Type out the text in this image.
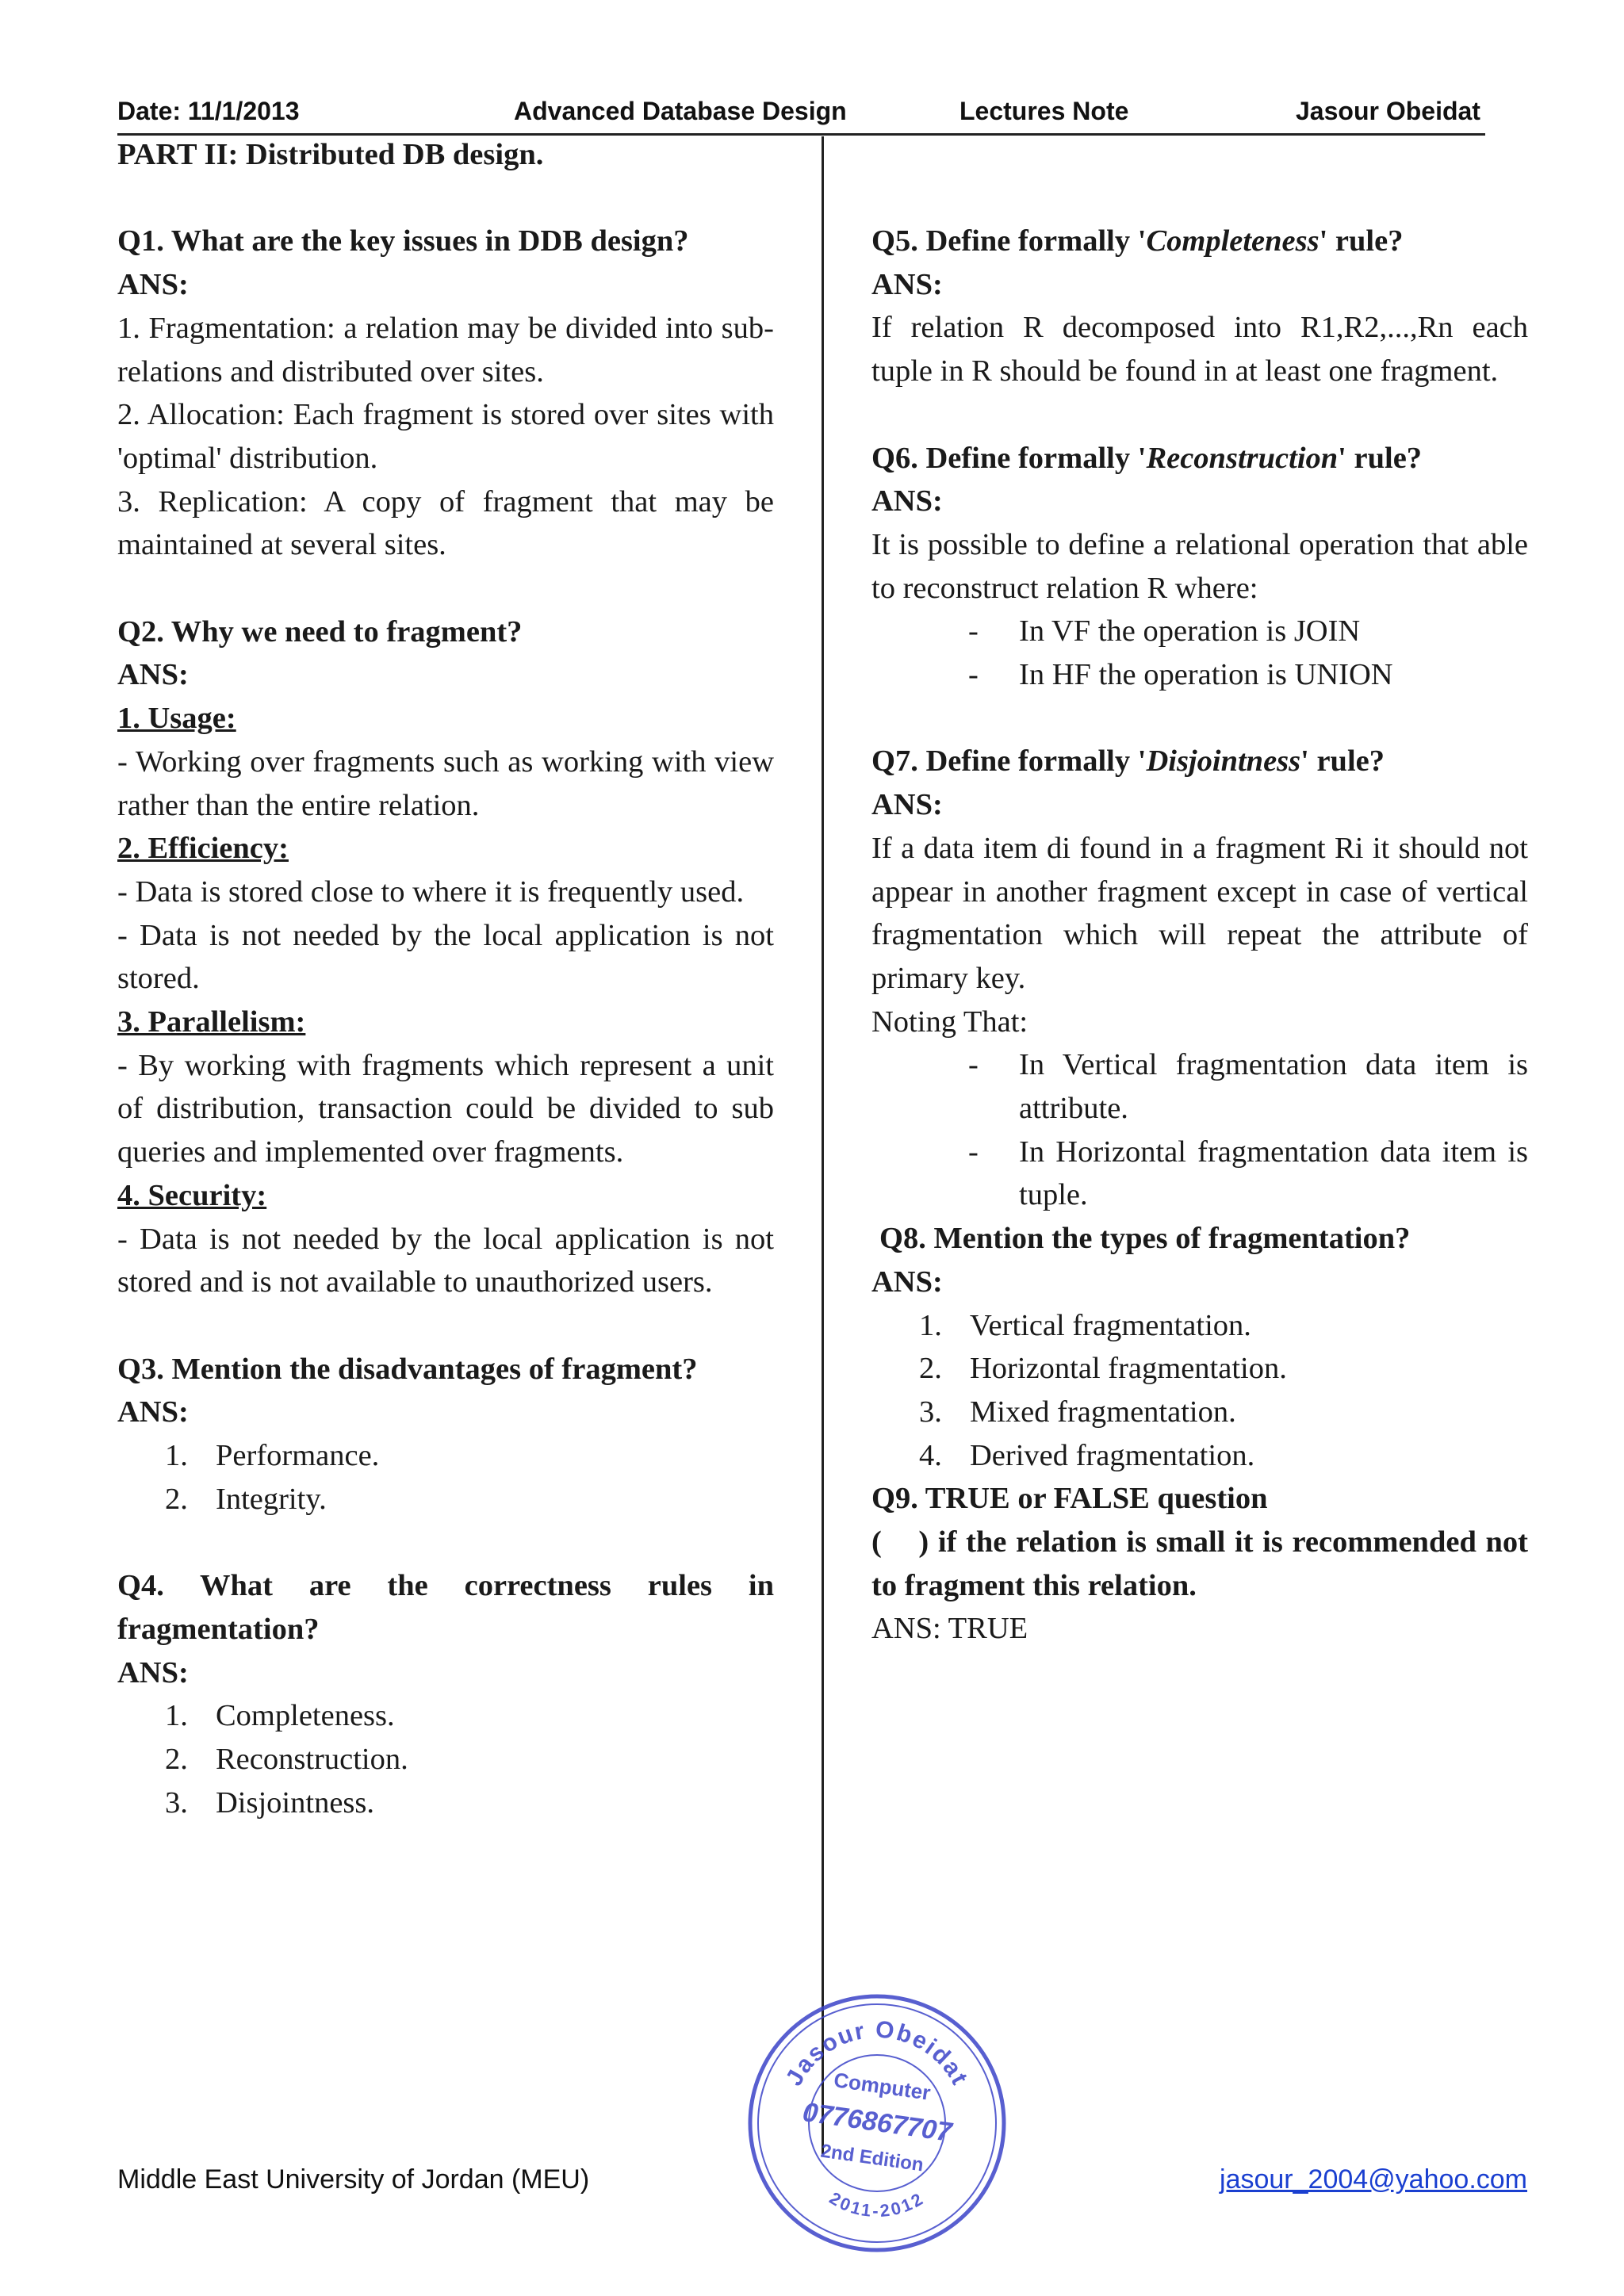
Date: 11/1/2013	Advanced Database Design	Lectures Note	Jasour Obeidat

PART II: Distributed DB design.

Q1. What are the key issues in DDB design?

ANS:

1. Fragmentation: a relation may be divided into sub-relations and distributed over sites.

2. Allocation: Each fragment is stored over sites with 'optimal' distribution.

3. Replication: A copy of fragment that may be maintained at several sites.

Q2. Why we need to fragment?

ANS:

1. Usage:

- Working over fragments such as working with view rather than the entire relation.

2. Efficiency:

- Data is stored close to where it is frequently used.

- Data is not needed by the local application is not stored.

3. Parallelism:

- By working with fragments which represent a unit of distribution, transaction could be divided to sub queries and implemented over fragments.

4. Security:

- Data is not needed by the local application is not stored and is not available to unauthorized users.

Q3. Mention the disadvantages of fragment?

ANS:

1. Performance.
2. Integrity.

Q4. What are the correctness rules in fragmentation?

ANS:

1. Completeness.
2. Reconstruction.
3. Disjointness.

Q5. Define formally 'Completeness' rule?

ANS:

If relation R decomposed into R1,R2,...,Rn each tuple in R should be found in at least one fragment.

Q6. Define formally 'Reconstruction' rule?

ANS:

It is possible to define a relational operation that able to reconstruct relation R where:

- In VF the operation is JOIN
- In HF the operation is UNION

Q7. Define formally 'Disjointness' rule?

ANS:

If a data item di found in a fragment Ri it should not appear in another fragment except in case of vertical fragmentation which will repeat the attribute of primary key.

Noting That:

- In Vertical fragmentation data item is attribute.
- In Horizontal fragmentation data item is tuple.

Q8. Mention the types of fragmentation?

ANS:

1. Vertical fragmentation.
2. Horizontal fragmentation.
3. Mixed fragmentation.
4. Derived fragmentation.

Q9. TRUE or FALSE question

(    ) if the relation is small it is recommended not to fragment this relation.

ANS: TRUE

Jasour Obeidat
2011-2012
Computer
0776867707
2nd Edition
Middle East University of Jordan (MEU)	jasour_2004@yahoo.com
